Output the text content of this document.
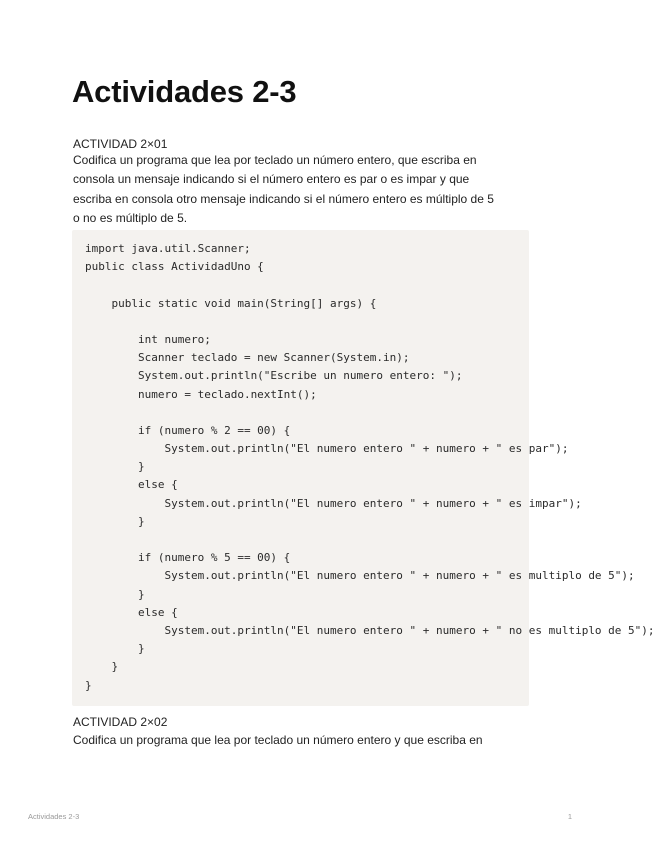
Actividades 2-3
ACTIVIDAD 2×01
Codifica un programa que lea por teclado un número entero, que escriba en
consola un mensaje indicando si el número entero es par o es impar y que
escriba en consola otro mensaje indicando si el número entero es múltiplo de 5
o no es múltiplo de 5.
import java.util.Scanner;
public class ActividadUno {
public static void main(String[] args) {
int numero;
Scanner teclado = new Scanner(System.in);
System.out.println("Escribe un numero entero: ");
numero = teclado.nextInt();
if (numero % 2 == 00) {
System.out.println("El numero entero " + numero + " es par");
}
else {
System.out.println("El numero entero " + numero + " es impar");
}
if (numero % 5 == 00) {
System.out.println("El numero entero " + numero + " es multiplo de 5");
}
else {
System.out.println("El numero entero " + numero + " no es multiplo de 5");
}
}
}
ACTIVIDAD 2×02
Codifica un programa que lea por teclado un número entero y que escriba en
Actividades 2-3	1
